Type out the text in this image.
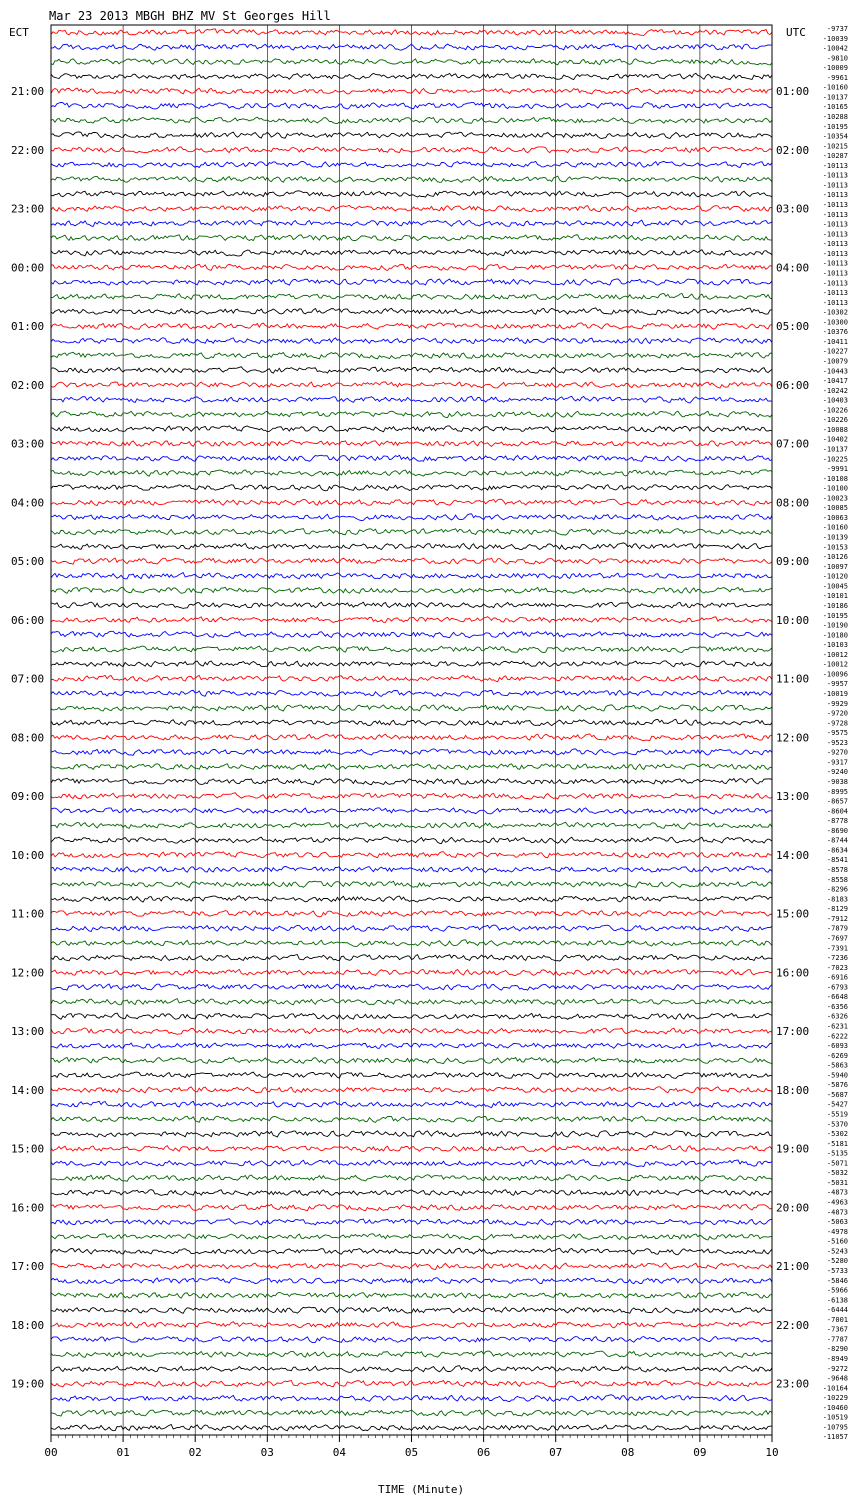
Mar 23 2013 MBGH BHZ MV St Georges Hill
ECT	UTC
21:00
22:00
23:00
00:00
01:00
02:00
03:00
04:00
05:00
06:00
07:00
08:00
09:00
10:00
11:00
12:00
13:00
14:00
15:00
16:00
17:00
18:00
19:00
01:00
02:00
03:00
04:00
05:00
06:00
07:00
08:00
09:00
10:00
11:00
12:00
13:00
14:00
15:00
16:00
17:00
18:00
19:00
20:00
21:00
22:00
23:00
-9737
-10039
-10042
-9810
-10009
-9961
-10160
-10137
-10165
-10288
-10195
-10354
-10215
-10287
-10113
-10113
-10113
-10113
-10113
-10113
-10113
-10113
-10113
-10113
-10113
-10113
-10113
-10113
-10113
-10302
-10300
-10376
-10411
-10227
-10079
-10443
-10417
-10242
-10403
-10226
-10226
-10088
-10402
-10137
-10225
-9991
-10108
-10100
-10023
-10085
-10063
-10160
-10139
-10153
-10126
-10097
-10120
-10045
-10101
-10186
-10195
-10190
-10180
-10103
-10012
-10012
-10096
-9957
-10019
-9929
-9720
-9728
-9575
-9523
-9270
-9317
-9240
-9038
-8995
-8657
-8604
-8778
-8690
-8744
-8634
-8541
-8578
-8558
-8296
-8183
-8129
-7912
-7879
-7697
-7391
-7236
-7023
-6916
-6793
-6648
-6356
-6326
-6231
-6222
-6093
-6269
-5863
-5940
-5876
-5687
-5427
-5519
-5370
-5302
-5181
-5135
-5071
-5032
-5031
-4873
-4963
-4873
-5063
-4978
-5160
-5243
-5280
-5733
-5846
-5966
-6138
-6444
-7001
-7367
-7787
-8290
-8949
-9272
-9648
-10164
-10229
-10460
-10519
-10795
-11057
00	01	02	03	04	05	06	07	08	09	10
TIME (Minute)
